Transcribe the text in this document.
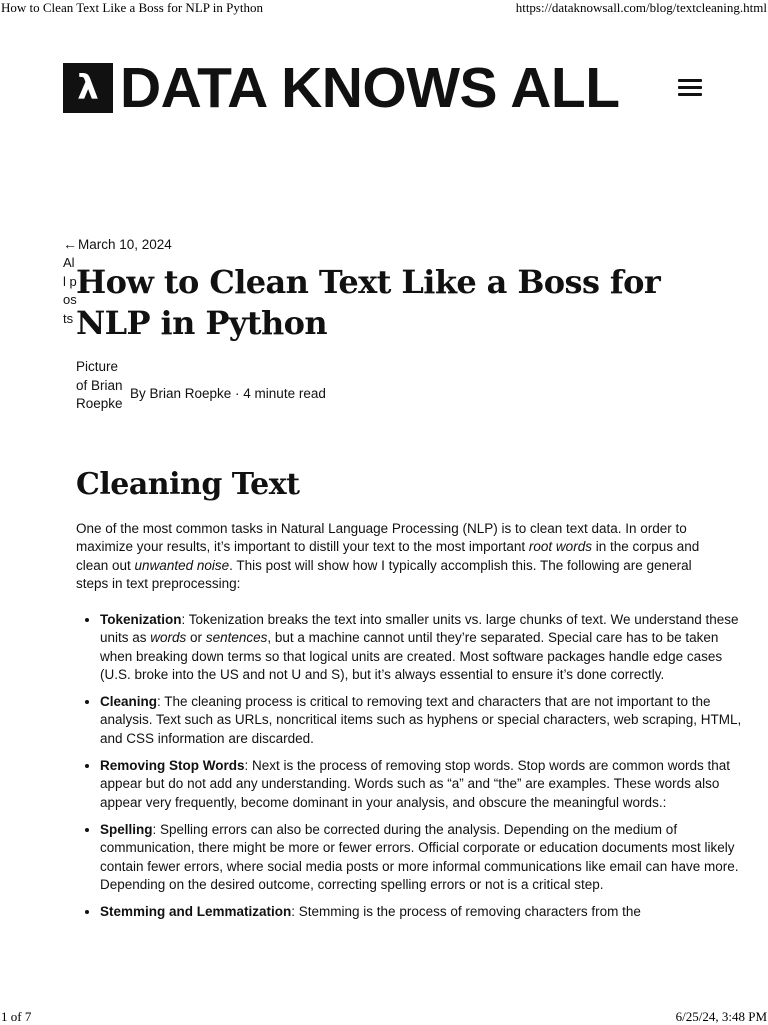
How to Clean Text Like a Boss for NLP in Python	https://dataknowsall.com/blog/textcleaning.html
λ DATA KNOWS ALL
← March 10, 2024
All posts
How to Clean Text Like a Boss for NLP in Python
Picture of Brian Roepke
By Brian Roepke · 4 minute read
Cleaning Text

One of the most common tasks in Natural Language Processing (NLP) is to clean text data. In order to maximize your results, it’s important to distill your text to the most important root words in the corpus and clean out unwanted noise. This post will show how I typically accomplish this. The following are general steps in text preprocessing:

• Tokenization: Tokenization breaks the text into smaller units vs. large chunks of text. We understand these units as words or sentences, but a machine cannot until they’re separated. Special care has to be taken when breaking down terms so that logical units are created. Most software packages handle edge cases (U.S. broke into the US and not U and S), but it’s always essential to ensure it’s done correctly.
• Cleaning: The cleaning process is critical to removing text and characters that are not important to the analysis. Text such as URLs, noncritical items such as hyphens or special characters, web scraping, HTML, and CSS information are discarded.
• Removing Stop Words: Next is the process of removing stop words. Stop words are common words that appear but do not add any understanding. Words such as “a” and “the” are examples. These words also appear very frequently, become dominant in your analysis, and obscure the meaningful words.:
• Spelling: Spelling errors can also be corrected during the analysis. Depending on the medium of communication, there might be more or fewer errors. Official corporate or education documents most likely contain fewer errors, where social media posts or more informal communications like email can have more. Depending on the desired outcome, correcting spelling errors or not is a critical step.
• Stemming and Lemmatization: Stemming is the process of removing characters from the
1 of 7	6/25/24, 3:48 PM
